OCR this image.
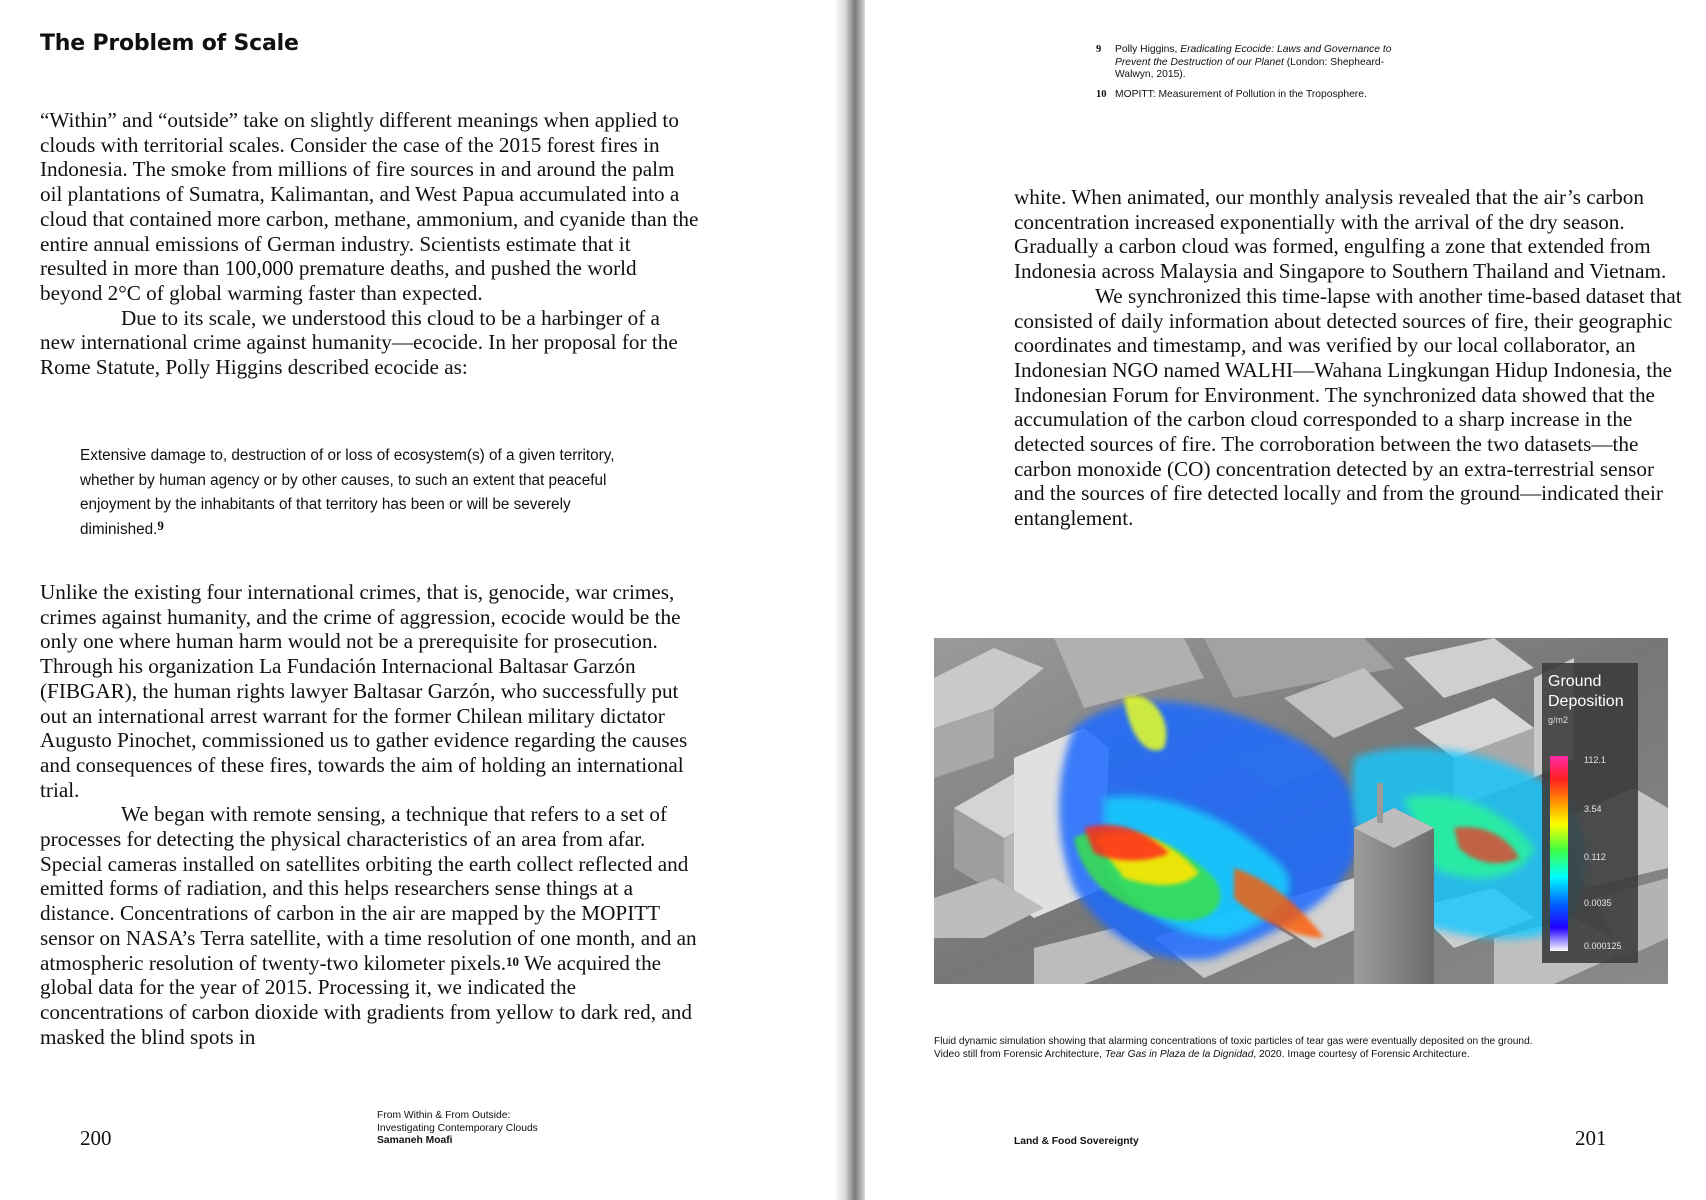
The Problem of Scale

“Within” and “outside” take on slightly different meanings when applied to clouds with territorial scales. Consider the case of the 2015 forest fires in Indonesia. The smoke from millions of fire sources in and around the palm oil plantations of Sumatra, Kalimantan, and West Papua accumulated into a cloud that contained more carbon, methane, ammonium, and cyanide than the entire annual emissions of German industry. Scientists estimate that it resulted in more than 100,000 premature deaths, and pushed the world beyond 2°C of global warming faster than expected.

Due to its scale, we understood this cloud to be a harbinger of a new international crime against humanity—ecocide. In her proposal for the Rome Statute, Polly Higgins described ecocide as:

Extensive damage to, destruction of or loss of ecosystem(s) of a given territory, whether by human agency or by other causes, to such an extent that peaceful enjoyment by the inhabitants of that territory has been or will be severely diminished.$^9$

Unlike the existing four international crimes, that is, genocide, war crimes, crimes against humanity, and the crime of aggression, ecocide would be the only one where human harm would not be a prerequisite for prosecution. Through his organization La Fundación Internacional Baltasar Garzón (FIBGAR), the human rights lawyer Baltasar Garzón, who successfully put out an international arrest warrant for the former Chilean military dictator Augusto Pinochet, commissioned us to gather evidence regarding the causes and consequences of these fires, towards the aim of holding an international trial.

We began with remote sensing, a technique that refers to a set of processes for detecting the physical characteristics of an area from afar. Special cameras installed on satellites orbiting the earth collect reflected and emitted forms of radiation, and this helps researchers sense things at a distance. Concentrations of carbon in the air are mapped by the MOPITT sensor on NASA’s Terra satellite, with a time resolution of one month, and an atmospheric resolution of twenty-two kilometer pixels.$^{10}$ We acquired the global data for the year of 2015. Processing it, we indicated the concentrations of carbon dioxide with gradients from yellow to dark red, and masked the blind spots in

200
From Within & From Outside:
Investigating Contemporary Clouds
Samaneh Moafi
9 Polly Higgins, Eradicating Ecocide: Laws and Governance to Prevent the Destruction of our Planet (London: Shepheard-Walwyn, 2015).
10 MOPITT: Measurement of Pollution in the Troposphere.

white. When animated, our monthly analysis revealed that the air’s carbon concentration increased exponentially with the arrival of the dry season. Gradually a carbon cloud was formed, engulfing a zone that extended from Indonesia across Malaysia and Singapore to Southern Thailand and Vietnam.

We synchronized this time-lapse with another time-based dataset that consisted of daily information about detected sources of fire, their geographic coordinates and timestamp, and was verified by our local collaborator, an Indonesian NGO named WALHI—Wahana Lingkungan Hidup Indonesia, the Indonesian Forum for Environment. The synchronized data showed that the accumulation of the carbon cloud corresponded to a sharp increase in the detected sources of fire. The corroboration between the two datasets—the carbon monoxide (CO) concentration detected by an extra-terrestrial sensor and the sources of fire detected locally and from the ground—indicated their entanglement.

Ground
Deposition
g/m2
112.1
3.54
0.112
0.0035
0.000125
Fluid dynamic simulation showing that alarming concentrations of toxic particles of tear gas were eventually deposited on the ground.
Video still from Forensic Architecture, Tear Gas in Plaza de la Dignidad, 2020. Image courtesy of Forensic Architecture.
Land & Food Sovereignty	201
